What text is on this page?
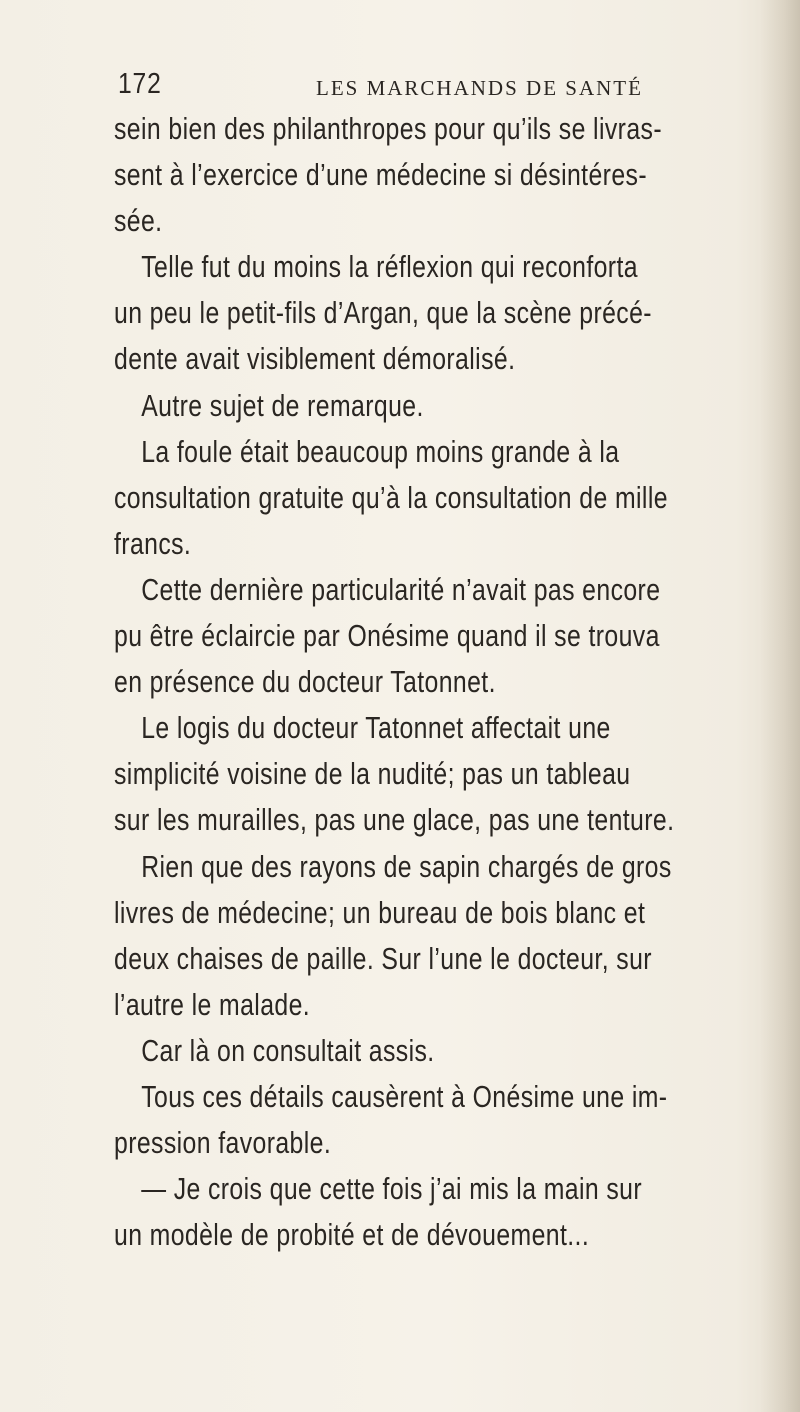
172	LES MARCHANDS DE SANTÉ
sein bien des philanthropes pour qu’ils se livras-
sent à l’exercice d’une médecine si désintéres-
sée.
Telle fut du moins la réflexion qui reconforta
un peu le petit-fils d’Argan, que la scène précé-
dente avait visiblement démoralisé.
Autre sujet de remarque.
La foule était beaucoup moins grande à la
consultation gratuite qu’à la consultation de mille
francs.
Cette dernière particularité n’avait pas encore
pu être éclaircie par Onésime quand il se trouva
en présence du docteur Tatonnet.
Le logis du docteur Tatonnet affectait une
simplicité voisine de la nudité; pas un tableau
sur les murailles, pas une glace, pas une tenture.
Rien que des rayons de sapin chargés de gros
livres de médecine; un bureau de bois blanc et
deux chaises de paille. Sur l’une le docteur, sur
l’autre le malade.
Car là on consultait assis.
Tous ces détails causèrent à Onésime une im-
pression favorable.
— Je crois que cette fois j’ai mis la main sur
un modèle de probité et de dévouement...
